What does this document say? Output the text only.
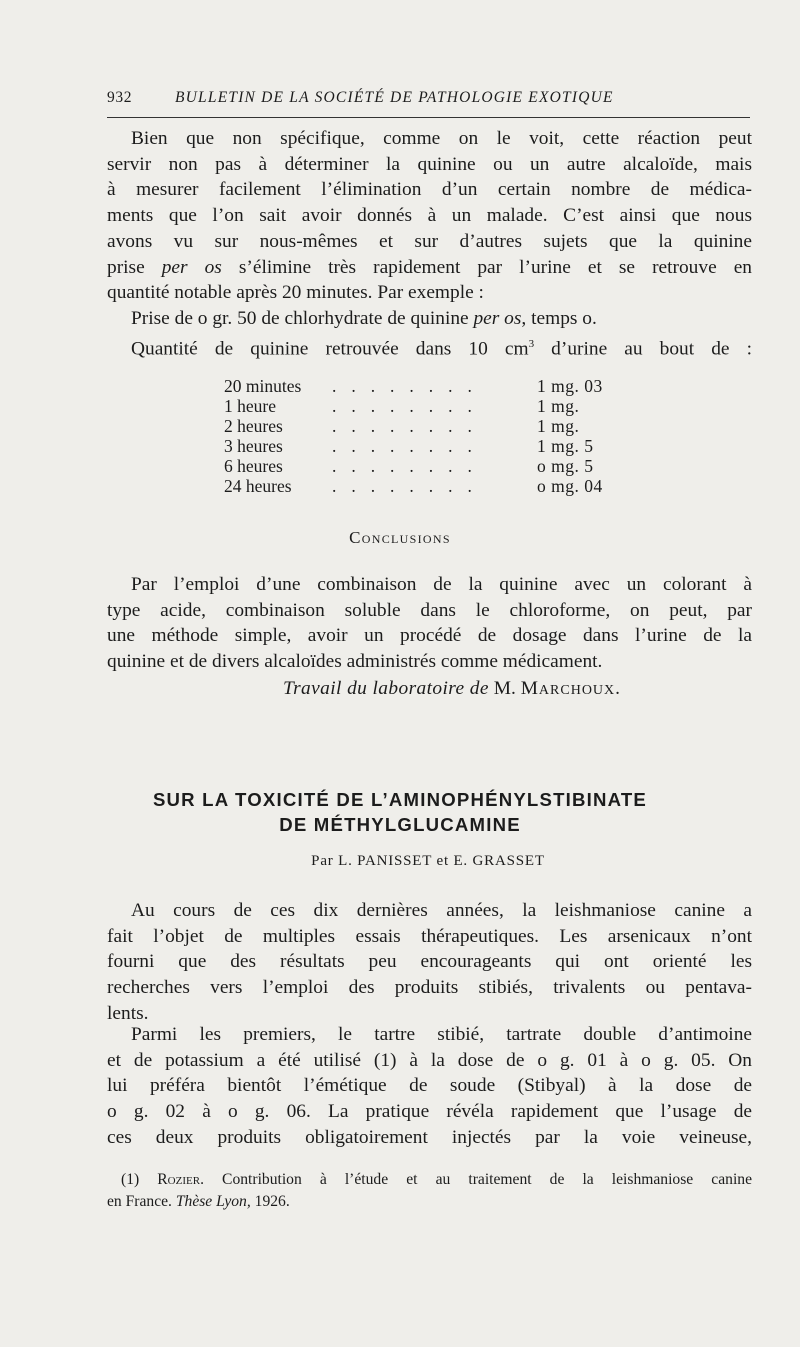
932	BULLETIN DE LA SOCIÉTÉ DE PATHOLOGIE EXOTIQUE
Bien que non spécifique, comme on le voit, cette réaction peut
servir non pas à déterminer la quinine ou un autre alcaloïde, mais
à mesurer facilement l’élimination d’un certain nombre de médica-
ments que l’on sait avoir donnés à un malade. C’est ainsi que nous
avons vu sur nous-mêmes et sur d’autres sujets que la quinine
prise per os s’élimine très rapidement par l’urine et se retrouve en
quantité notable après 20 minutes. Par exemple :
Prise de o gr. 50 de chlorhydrate de quinine per os, temps o.
Quantité de quinine retrouvée dans 10 $cm^3$ d’urine au bout de :
20 minutes . . . . . . . .	1 mg. 03
1 heure	. . . . . . . .	1 mg.
2 heures	. . . . . . . .	1 mg.
3 heures	. . . . . . . .	1 mg. 5
6 heures	. . . . . . . .	o mg. 5
24 heures . . . . . . . .	o mg. 04
Conclusions
Par l’emploi d’une combinaison de la quinine avec un colorant à
type acide, combinaison soluble dans le chloroforme, on peut, par
une méthode simple, avoir un procédé de dosage dans l’urine de la
quinine et de divers alcaloïdes administrés comme médicament.
Travail du laboratoire de M. Marchoux.
SUR LA TOXICITÉ DE L’AMINOPHÉNYLSTIBINATE
DE MÉTHYLGLUCAMINE
Par L. PANISSET et E. GRASSET
Au cours de ces dix dernières années, la leishmaniose canine a
fait l’objet de multiples essais thérapeutiques. Les arsenicaux n’ont
fourni que des résultats peu encourageants qui ont orienté les
recherches vers l’emploi des produits stibiés, trivalents ou pentava-
lents.
Parmi les premiers, le tartre stibié, tartrate double d’antimoine
et de potassium a été utilisé (1) à la dose de o g. 01 à o g. 05. On
lui préféra bientôt l’émétique de soude (Stibyal) à la dose de
o g. 02 à o g. 06. La pratique révéla rapidement que l’usage de
ces deux produits obligatoirement injectés par la voie veineuse,
(1) Rozier. Contribution à l’étude et au traitement de la leishmaniose canine
en France. Thèse Lyon, 1926.
